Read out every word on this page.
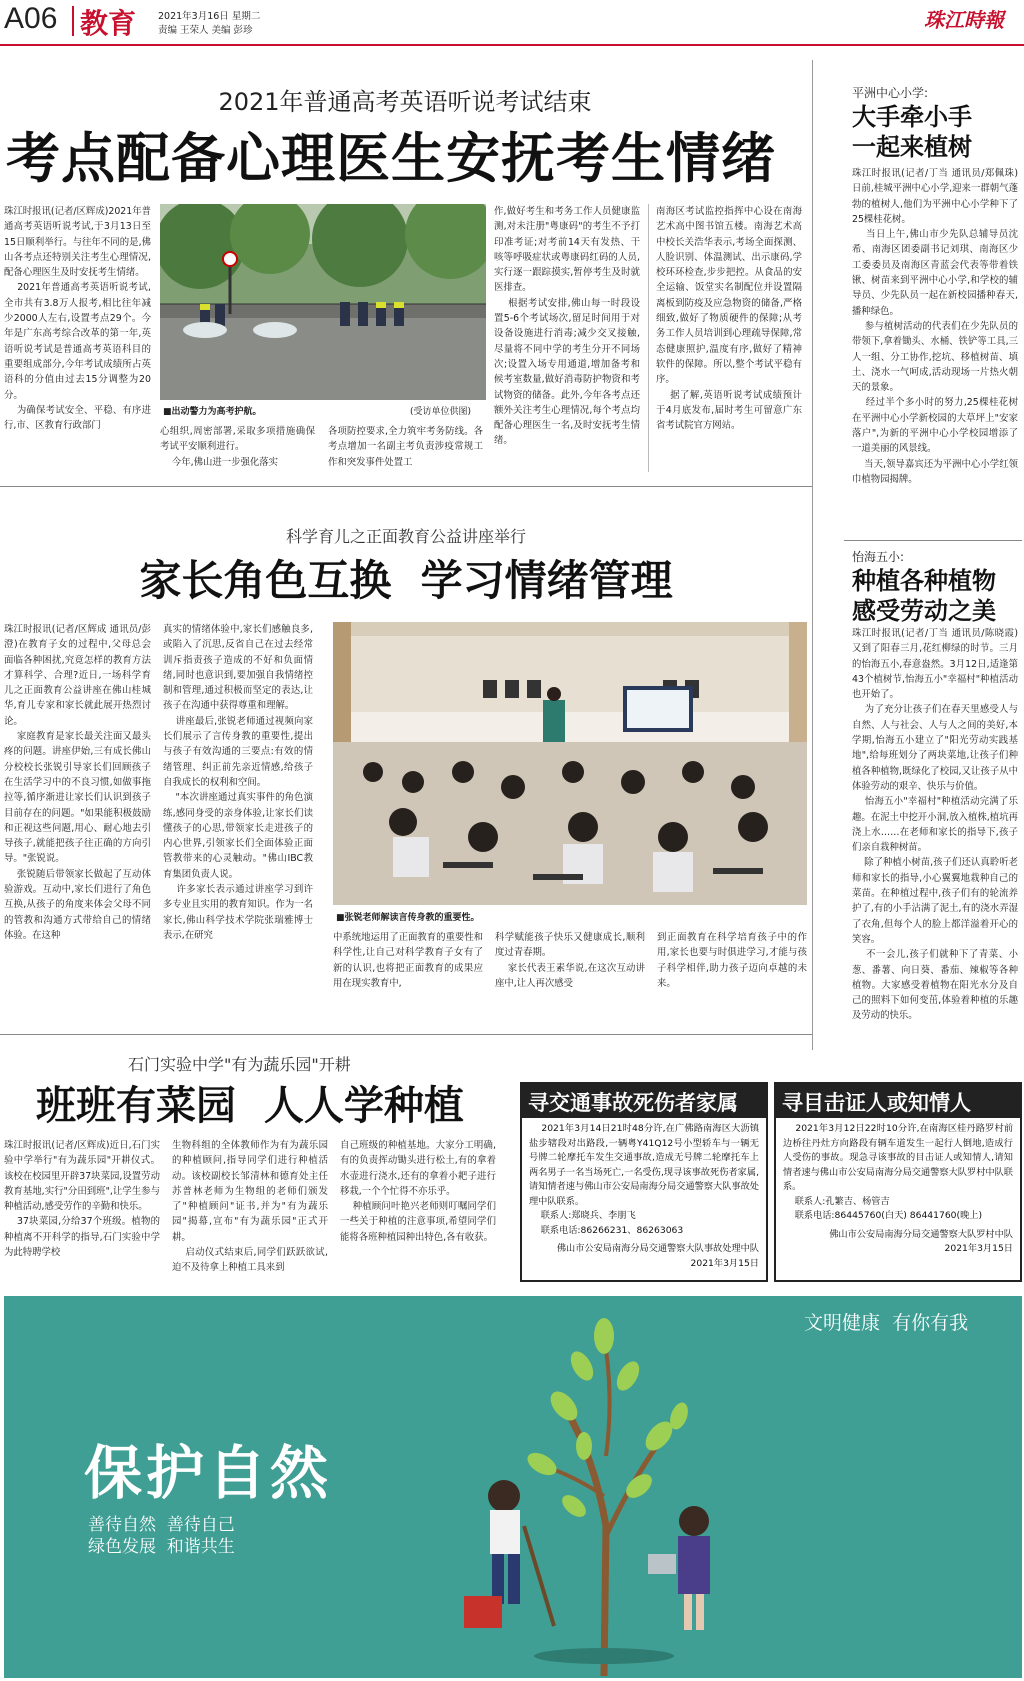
A06 教育 2021年3月16日 星期二
责编 王荣人 美编 彭珍	珠江時報
2021年普通高考英语听说考试结束
考点配备心理医生安抚考生情绪
珠江时报讯(记者/区辉成)2021年普通高考英语听说考试,于3月13日至15日顺利举行。与往年不同的是,佛山各考点还特别关注考生心理情况,配备心理医生及时安抚考生情绪。
2021年普通高考英语听说考试,全市共有3.8万人报考,相比往年减少2000人左右,设置考点29个。今年是广东高考综合改革的第一年,英语听说考试是普通高考英语科目的重要组成部分,今年考试成绩所占英语科的分值由过去15分调整为20分。
为确保考试安全、平稳、有序进行,市、区教育行政部门
■出动警力为高考护航。	(受访单位供图)
心组织,周密部署,采取多项措施确保考试平安顺利进行。
今年,佛山进一步强化落实
各项防控要求,全力筑牢考务防线。各考点增加一名副主考负责涉疫常规工作和突发事件处置工
作,做好考生和考务工作人员健康监测,对未注册"粤康码"的考生不予打印准考证;对考前14天有发热、干咳等呼吸症状或粤康码红码的人员,实行逐一跟踪摸实,暂停考生及时就医排查。
根据考试安排,佛山每一时段设置5-6个考试场次,留足时间用于对设备设施进行消毒;减少交叉接触,尽量将不同中学的考生分开不同场次;设置入场专用通道,增加备考和候考室数量,做好消毒防护物资和考试物资的储备。此外,今年各考点还额外关注考生心理情况,每个考点均配备心理医生一名,及时安抚考生情绪。
南海区考试监控指挥中心设在南海艺术高中图书馆五楼。南海艺术高中校长关浩华表示,考场全面探测、人脸识别、体温测试、出示康码,学校环环检查,步步把控。从食品的安全运输、饭堂实名制配位并设置隔离板到防疫及应急物资的储备,严格细致,做好了物质硬件的保障;从考务工作人员培训到心理疏导保障,常态健康照护,温度有序,做好了精神软件的保障。所以,整个考试平稳有序。
据了解,英语听说考试成绩预计于4月底发布,届时考生可留意广东省考试院官方网站。
平洲中心小学:
大手牵小手
一起来植树
珠江时报讯(记者/丁当 通讯员/郑佩珠)日前,桂城平洲中心小学,迎来一群朝气蓬勃的植树人,他们为平洲中心小学种下了25棵桂花树。
当日上午,佛山市少先队总辅导员沈希、南海区团委副书记刘琪、南海区少工委委员及南海区青蓝会代表等带着铁锹、树苗来到平洲中心小学,和学校的辅导员、少先队员一起在新校园播种春天,播种绿色。
参与植树活动的代表们在少先队员的带领下,拿着锄头、水桶、铁铲等工具,三人一组、分工协作,挖坑、移植树苗、填土、浇水一气呵成,活动现场一片热火朝天的景象。
经过半个多小时的努力,25棵桂花树在平洲中心小学新校园的大草坪上"安家落户",为新的平洲中心小学校园增添了一道美丽的风景线。
当天,领导嘉宾还为平洲中心小学红领巾植物园揭牌。
科学育儿之正面教育公益讲座举行
家长角色互换  学习情绪管理
珠江时报讯(记者/区辉成 通讯员/彭澄)在教育子女的过程中,父母总会面临各种困扰,究竟怎样的教育方法才算科学、合理?近日,一场科学育儿之正面教育公益讲座在佛山桂城华,育儿专家和家长就此展开热烈讨论。
家庭教育是家长最关注面又最头疼的问题。讲座伊始,三有成长佛山分校校长张锐引导家长们回顾孩子在生活学习中的不良习惯,如做事拖拉等,循序渐进让家长们认识到孩子目前存在的问题。"如果能积极鼓励和正视这些问题,用心、耐心地去引导孩子,就能把孩子往正确的方向引导。"张锐说。
张锐随后带领家长做起了互动体验游戏。互动中,家长们进行了角色互换,从孩子的角度来体会父母不同的管教和沟通方式带给自己的情绪体验。在这种
真实的情绪体验中,家长们感触良多,或陷入了沉思,反省自己在过去经常训斥指责孩子造成的不好和负面情绪,同时也意识到,要加强自我情绪控制和管理,通过积极而坚定的表达,让孩子在沟通中获得尊重和理解。
讲座最后,张锐老师通过视频向家长们展示了言传身教的重要性,提出与孩子有效沟通的三要点:有效的情绪管理、纠正前先亲近情感,给孩子自我成长的权利和空间。
"本次讲座通过真实事件的角色演练,感同身受的亲身体验,让家长们读懂孩子的心思,带领家长走进孩子的内心世界,引领家长们全面体验正面管教带来的心灵触动。"佛山IBC教育集团负责人说。
许多家长表示通过讲座学习到许多专业且实用的教育知识。作为一名家长,佛山科学技术学院张瑞雅博士表示,在研究
■张锐老师解读言传身教的重要性。
中系统地运用了正面教育的重要性和科学性,让自己对科学教育子女有了新的认识,也将把正面教育的成果应用在现实教育中,
科学赋能孩子快乐又健康成长,顺利度过青春期。
家长代表王素华说,在这次互动讲座中,让人再次感受
到正面教育在科学培育孩子中的作用,家长也要与时俱进学习,才能与孩子科学相伴,助力孩子迈向卓越的未来。
怡海五小:
种植各种植物
感受劳动之美
珠江时报讯(记者/丁当 通讯员/陈晓霞)又到了阳春三月,花红柳绿的时节。三月的怡海五小,春意盎然。3月12日,适逢第43个植树节,怡海五小"幸福村"种植活动也开始了。
为了充分让孩子们在春天里感受人与自然、人与社会、人与人之间的美好,本学期,怡海五小建立了"阳光劳动实践基地",给每班划分了两块菜地,让孩子们种植各种植物,既绿化了校园,又让孩子从中体验劳动的艰辛、快乐与价值。
怡海五小"幸福村"种植活动完满了乐趣。在泥土中挖开小洞,放入植株,植坑再浇上水……在老师和家长的指导下,孩子们亲自栽种树苗。
除了种植小树苗,孩子们还认真聆听老师和家长的指导,小心翼翼地栽种自己的菜苗。在种植过程中,孩子们有的轮流养护了,有的小手沾满了泥土,有的浇水弄湿了衣角,但每个人的脸上都洋溢着开心的笑容。
不一会儿,孩子们就种下了青菜、小葱、番薯、向日葵、番茄、辣椒等各种植物。大家感受着植物在阳光水分及自己的照料下如何变茁,体验着种植的乐趣及劳动的快乐。
石门实验中学"有为蔬乐园"开耕
班班有菜园  人人学种植
珠江时报讯(记者/区辉成)近日,石门实验中学举行"有为蔬乐园"开耕仪式。该校在校园里开辟37块菜园,设置劳动教育基地,实行"分田到班",让学生参与种植活动,感受劳作的辛勤和快乐。
37块菜园,分给37个班级。植物的种植离不开科学的指导,石门实验中学为此特聘学校
生物科组的全体教师作为有为蔬乐园的种植顾问,指导同学们进行种植活动。该校副校长邹清林和德育处主任苏普林老师为生物组的老师们颁发了"种植顾问"证书,并为"有为蔬乐园"揭幕,宣布"有为蔬乐园"正式开耕。
启动仪式结束后,同学们跃跃欲试,迫不及待拿上种植工具来到
自己班级的种植基地。大家分工明确,有的负责挥动锄头进行松土,有的拿着水壶进行浇水,还有的拿着小耙子进行移栽,一个个忙得不亦乐乎。
种植顾问叶艳兴老师则叮嘱同学们一些关于种植的注意事项,希望同学们能将各班种植园种出特色,各有收获。
寻交通事故死伤者家属
2021年3月14日21时48分许,在广佛路南海区大沥镇盐步辖段对出路段,一辆粤Y41Q12号小型轿车与一辆无号牌二轮摩托车发生交通事故,造成无号牌二轮摩托车上两名男子一名当场死亡,一名受伤,现寻该事故死伤者家属,请知情者速与佛山市公安局南海分局交通警察大队事故处理中队联系。
联系人:郑晓兵、李朋飞
联系电话:86266231、86263063
佛山市公安局南海分局交通警察大队事故处理中队
2021年3月15日
寻目击证人或知情人
2021年3月12日22时10分许,在南海区桂丹路罗村前边桥往丹灶方向路段有辆车道发生一起行人倒地,造成行人受伤的事故。现急寻该事故的目击证人或知情人,请知情者速与佛山市公安局南海分局交通警察大队罗村中队联系。
联系人:孔繁吉、杨管吉
联系电话:86445760(白天) 86441760(晚上)
佛山市公安局南海分局交通警察大队罗村中队
2021年3月15日
文明健康  有你有我
保护自然
善待自然  善待自己
绿色发展  和谐共生
